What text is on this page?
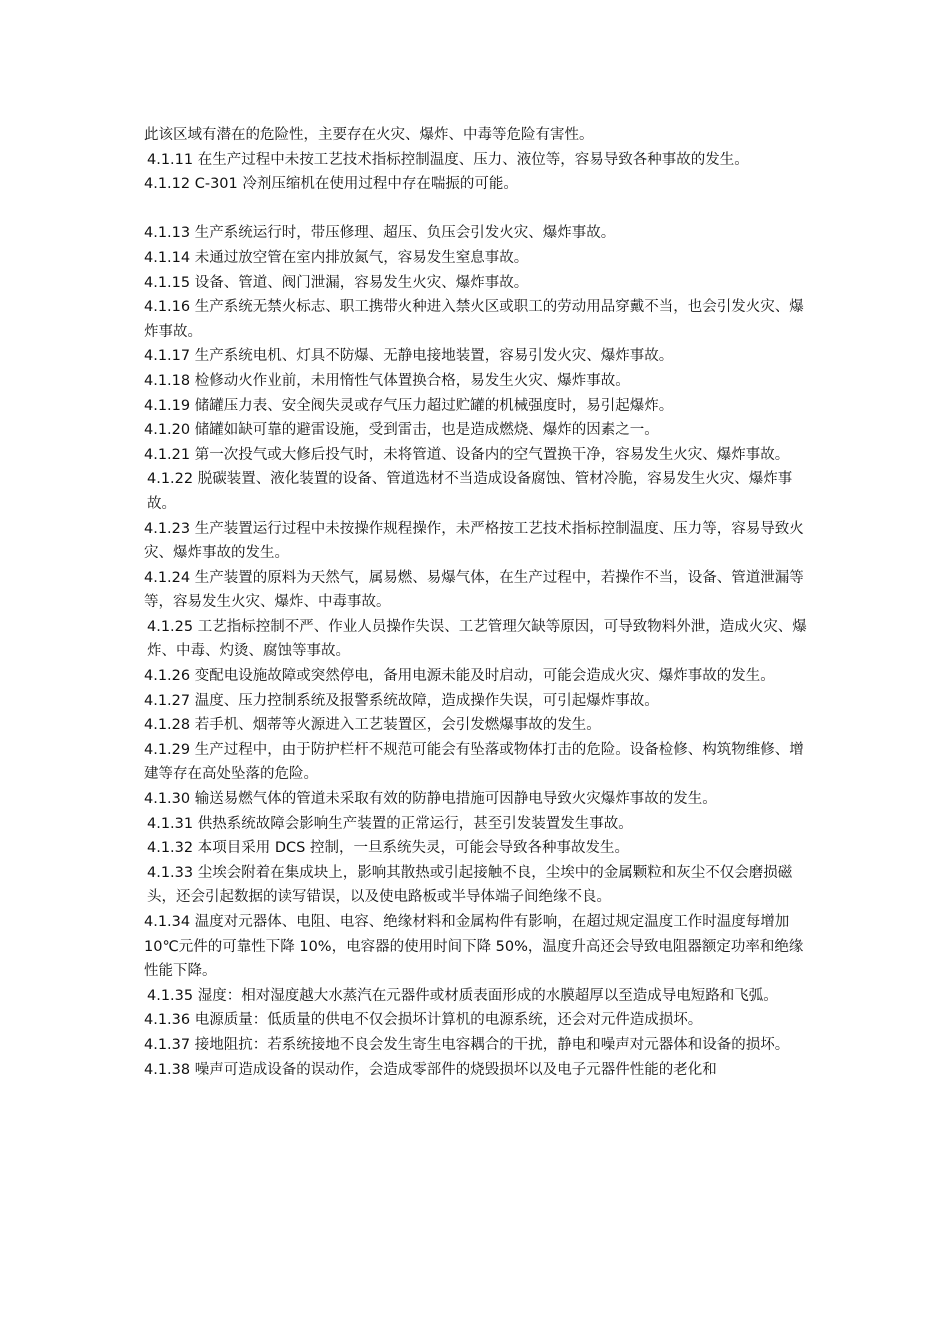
此该区域有潜在的危险性，主要存在火灾、爆炸、中毒等危险有害性。

4.1.11 在生产过程中未按工艺技术指标控制温度、压力、液位等，容易导致各种事故的发生。

4.1.12 C-301 冷剂压缩机在使用过程中存在喘振的可能。

4.1.13 生产系统运行时，带压修理、超压、负压会引发火灾、爆炸事故。

4.1.14 未通过放空管在室内排放氮气，容易发生窒息事故。

4.1.15 设备、管道、阀门泄漏，容易发生火灾、爆炸事故。

4.1.16 生产系统无禁火标志、职工携带火种进入禁火区或职工的劳动用品穿戴不当，也会引发火灾、爆炸事故。

4.1.17 生产系统电机、灯具不防爆、无静电接地装置，容易引发火灾、爆炸事故。

4.1.18 检修动火作业前，未用惰性气体置换合格，易发生火灾、爆炸事故。

4.1.19 储罐压力表、安全阀失灵或存气压力超过贮罐的机械强度时，易引起爆炸。

4.1.20 储罐如缺可靠的避雷设施，受到雷击，也是造成燃烧、爆炸的因素之一。

4.1.21 第一次投气或大修后投气时，未将管道、设备内的空气置换干净，容易发生火灾、爆炸事故。

4.1.22 脱碳装置、液化装置的设备、管道选材不当造成设备腐蚀、管材冷脆，容易发生火灾、爆炸事故。

4.1.23 生产装置运行过程中未按操作规程操作，未严格按工艺技术指标控制温度、压力等，容易导致火灾、爆炸事故的发生。

4.1.24 生产装置的原料为天然气，属易燃、易爆气体，在生产过程中，若操作不当，设备、管道泄漏等等，容易发生火灾、爆炸、中毒事故。

4.1.25 工艺指标控制不严、作业人员操作失误、工艺管理欠缺等原因，可导致物料外泄，造成火灾、爆炸、中毒、灼烫、腐蚀等事故。

4.1.26 变配电设施故障或突然停电，备用电源未能及时启动，可能会造成火灾、爆炸事故的发生。

4.1.27 温度、压力控制系统及报警系统故障，造成操作失误，可引起爆炸事故。

4.1.28 若手机、烟蒂等火源进入工艺装置区，会引发燃爆事故的发生。

4.1.29 生产过程中，由于防护栏杆不规范可能会有坠落或物体打击的危险。设备检修、构筑物维修、增建等存在高处坠落的危险。

4.1.30 输送易燃气体的管道未采取有效的防静电措施可因静电导致火灾爆炸事故的发生。

4.1.31 供热系统故障会影响生产装置的正常运行，甚至引发装置发生事故。

4.1.32 本项目采用 DCS 控制，一旦系统失灵，可能会导致各种事故发生。

4.1.33 尘埃会附着在集成块上，影响其散热或引起接触不良，尘埃中的金属颗粒和灰尘不仅会磨损磁头，还会引起数据的读写错误，以及使电路板或半导体端子间绝缘不良。

4.1.34 温度对元器体、电阻、电容、绝缘材料和金属构件有影响，在超过规定温度工作时温度每增加 10℃元件的可靠性下降 10%，电容器的使用时间下降 50%，温度升高还会导致电阻器额定功率和绝缘性能下降。

4.1.35 湿度：相对湿度越大水蒸汽在元器件或材质表面形成的水膜超厚以至造成导电短路和飞弧。

4.1.36 电源质量：低质量的供电不仅会损坏计算机的电源系统，还会对元件造成损坏。

4.1.37 接地阻抗：若系统接地不良会发生寄生电容耦合的干扰，静电和噪声对元器体和设备的损坏。

4.1.38 噪声可造成设备的误动作，会造成零部件的烧毁损坏以及电子元器件性能的老化和
